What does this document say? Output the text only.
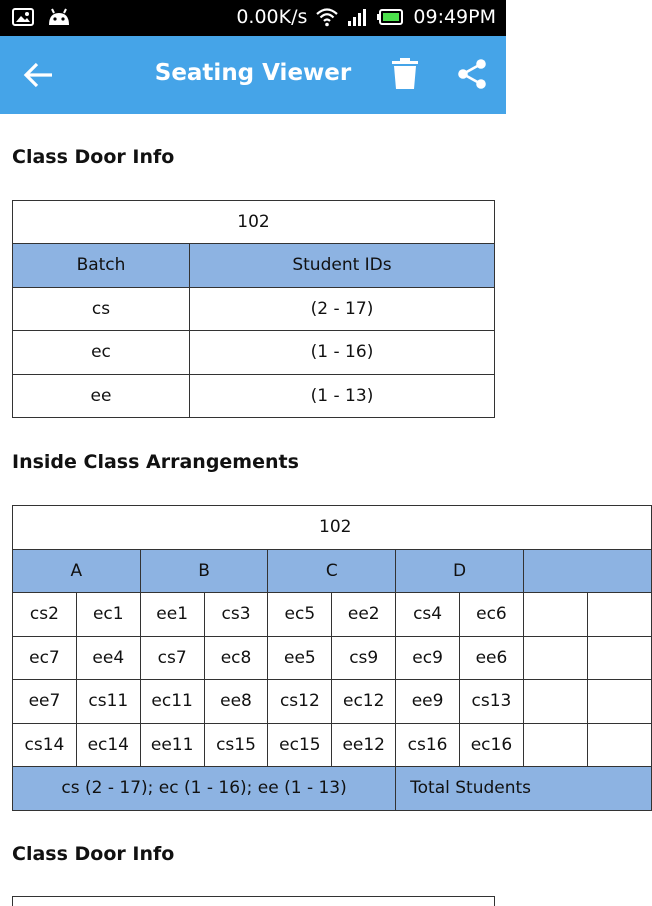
0.00K/s	09:49PM
Seating Viewer
Class Door Info
102	
Batch	Student IDs
cs	(2 - 17)
ec	(1 - 16)
ee	(1 - 13)
Inside Class Arrangements
102									
A		B		C		D			
cs2	ec1	ee1	cs3	ec5	ee2	cs4	ec6		
ec7	ee4	cs7	ec8	ee5	cs9	ec9	ee6		
ee7	cs11	ec11	ee8	cs12	ec12	ee9	cs13		
cs14	ec14	ee11	cs15	ec15	ee12	cs16	ec16		
cs (2 - 17); ec (1 - 16); ee (1 - 13)						Total Students			
Class Door Info
